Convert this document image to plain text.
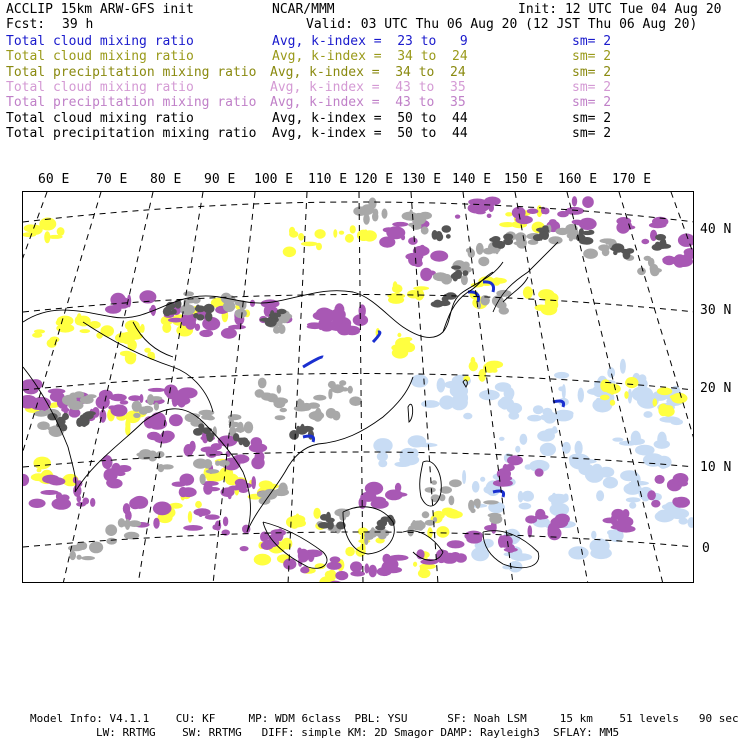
ACCLIP 15km ARW-GFS init	NCAR/MMM	Init: 12 UTC Tue 04 Aug 20
Fcst: 39 h	Valid: 03 UTC Thu 06 Aug 20 (12 JST Thu 06 Aug 20)
Total cloud mixing ratio	Avg, k-index =  23 to   9	sm= 2
Total cloud mixing ratio	Avg, k-index =  34 to  24	sm= 2
Total precipitation mixing ratio Avg, k-index =  34 to  24	sm= 2
Total cloud mixing ratio	Avg, k-index =  43 to  35	sm= 2
Total precipitation mixing ratio Avg, k-index =  43 to  35	sm= 2
Total cloud mixing ratio	Avg, k-index =  50 to  44	sm= 2
Total precipitation mixing ratio Avg, k-index =  50 to  44	sm= 2
60 E 70 E 80 E 90 E 100 E 110 E 120 E 130 E 140 E 150 E 160 E 170 E
40 N
30 N
20 N
10 N
0
Model Info: V4.1.1    CU: KF     MP: WDM 6class  PBL: YSU      SF: Noah LSM     15 km    51 levels   90 sec
LW: RRTMG    SW: RRTMG   DIFF: simple KM: 2D Smagor DAMP: Rayleigh3  SFLAY: MM5
